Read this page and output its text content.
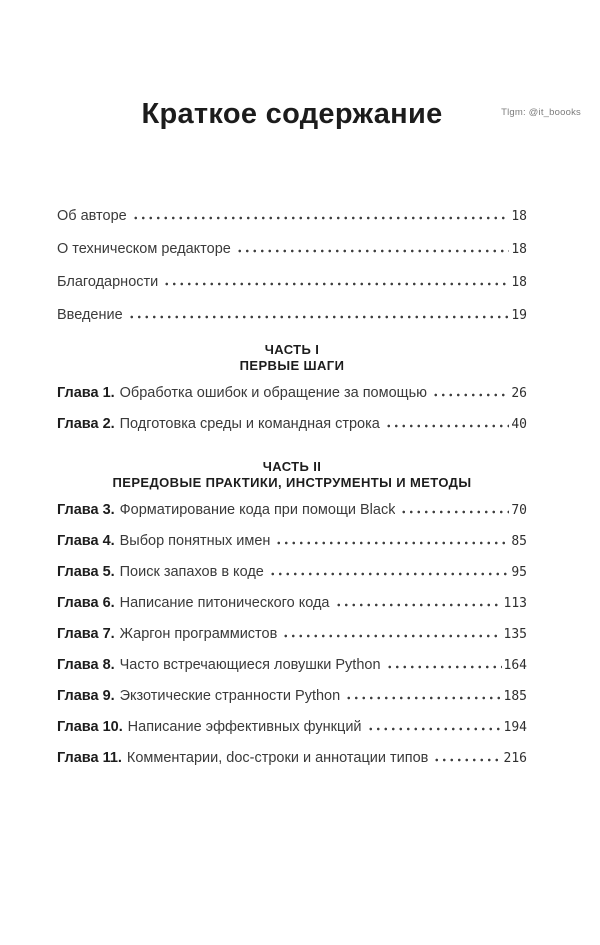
Tlgm: @it_boooks
Краткое содержание
Об авторе	18
О техническом редакторе	18
Благодарности	18
Введение	19
ЧАСТЬ I
ПЕРВЫЕ ШАГИ
Глава 1. Обработка ошибок и обращение за помощью	26
Глава 2. Подготовка среды и командная строка	40
ЧАСТЬ II
ПЕРЕДОВЫЕ ПРАКТИКИ, ИНСТРУМЕНТЫ И МЕТОДЫ
Глава 3. Форматирование кода при помощи Black	70
Глава 4. Выбор понятных имен	85
Глава 5. Поиск запахов в коде	95
Глава 6. Написание питонического кода	113
Глава 7. Жаргон программистов	135
Глава 8. Часто встречающиеся ловушки Python	164
Глава 9. Экзотические странности Python	185
Глава 10. Написание эффективных функций	194
Глава 11. Комментарии, doc-строки и аннотации типов	216
